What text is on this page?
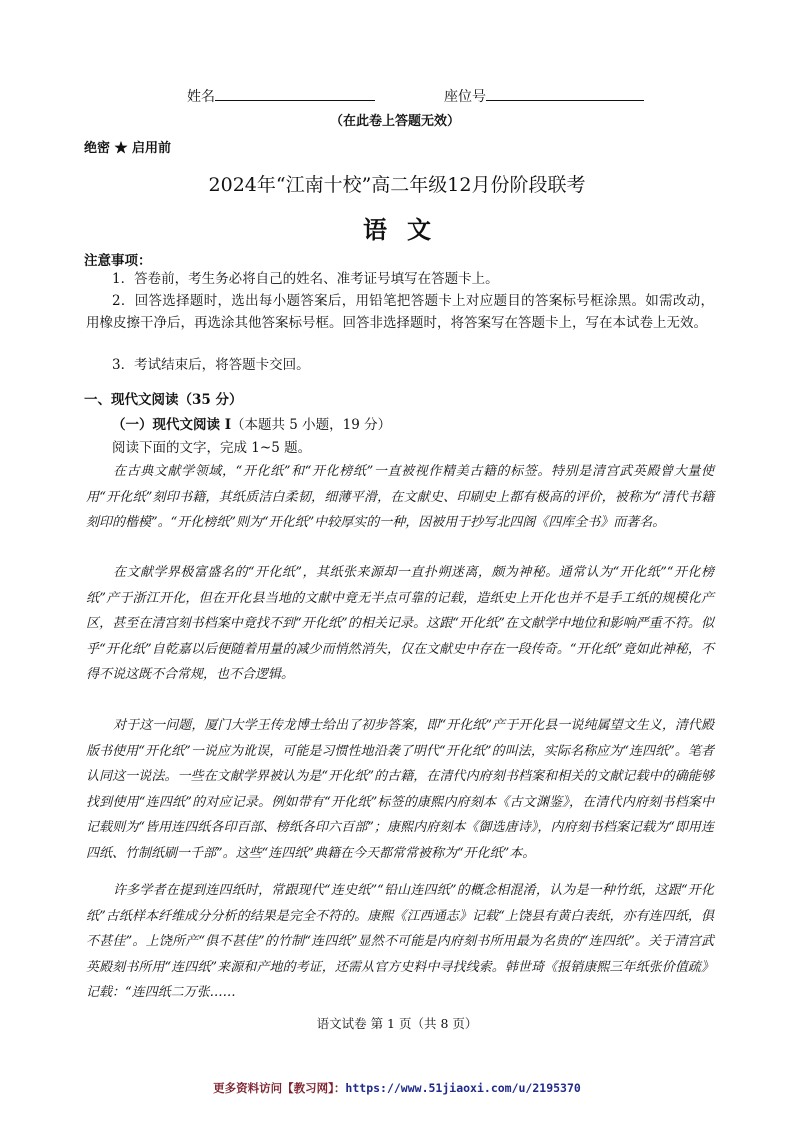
姓名	座位号
（在此卷上答题无效）
绝密 ★ 启用前
2024年“江南十校”高二年级12月份阶段联考
语文
注意事项：
1．答卷前，考生务必将自己的姓名、准考证号填写在答题卡上。
2．回答选择题时，选出每小题答案后，用铅笔把答题卡上对应题目的答案标号框涂黑。如需改动，用橡皮擦干净后，再选涂其他答案标号框。回答非选择题时，将答案写在答题卡上，写在本试卷上无效。
3．考试结束后，将答题卡交回。
一、现代文阅读（35 分）
（一）现代文阅读 I（本题共 5 小题，19 分）
阅读下面的文字，完成 1~5 题。
在古典文献学领域，“开化纸”和“开化榜纸”一直被视作精美古籍的标签。特别是清宫武英殿曾大量使用“开化纸”刻印书籍，其纸质洁白柔韧，细薄平滑，在文献史、印刷史上都有极高的评价，被称为“清代书籍刻印的楷模”。“开化榜纸”则为“开化纸”中较厚实的一种，因被用于抄写北四阁《四库全书》而著名。
在文献学界极富盛名的“开化纸”，其纸张来源却一直扑朔迷离，颇为神秘。通常认为“开化纸”“开化榜纸”产于浙江开化，但在开化县当地的文献中竟无半点可靠的记载，造纸史上开化也并不是手工纸的规模化产区，甚至在清宫刻书档案中竟找不到“开化纸”的相关记录。这跟“开化纸”在文献学中地位和影响严重不符。似乎“开化纸”自乾嘉以后便随着用量的减少而悄然消失，仅在文献史中存在一段传奇。“开化纸”竟如此神秘，不得不说这既不合常规，也不合逻辑。
对于这一问题，厦门大学王传龙博士给出了初步答案，即“开化纸”产于开化县一说纯属望文生义，清代殿版书使用“开化纸”一说应为讹误，可能是习惯性地沿袭了明代“开化纸”的叫法，实际名称应为“连四纸”。笔者认同这一说法。一些在文献学界被认为是“开化纸”的古籍，在清代内府刻书档案和相关的文献记载中的确能够找到使用“连四纸”的对应记录。例如带有“开化纸”标签的康熙内府刻本《古文渊鉴》，在清代内府刻书档案中记载则为“皆用连四纸各印百部、榜纸各印六百部”；康熙内府刻本《御选唐诗》，内府刻书档案记载为“即用连四纸、竹制纸刷一千部”。这些“连四纸”典籍在今天都常常被称为“开化纸”本。
许多学者在提到连四纸时，常跟现代“连史纸”“铅山连四纸”的概念相混淆，认为是一种竹纸，这跟“开化纸”古纸样本纤维成分分析的结果是完全不符的。康熙《江西通志》记载“上饶县有黄白表纸，亦有连四纸，俱不甚佳”。上饶所产“俱不甚佳”的竹制“连四纸”显然不可能是内府刻书所用最为名贵的“连四纸”。关于清宫武英殿刻书所用“连四纸”来源和产地的考证，还需从官方史料中寻找线索。韩世琦《报销康熙三年纸张价值疏》记载：“连四纸二万张……
语文试卷 第 1 页（共 8 页）
更多资料访问【教习网】：https://www.51jiaoxi.com/u/2195370
